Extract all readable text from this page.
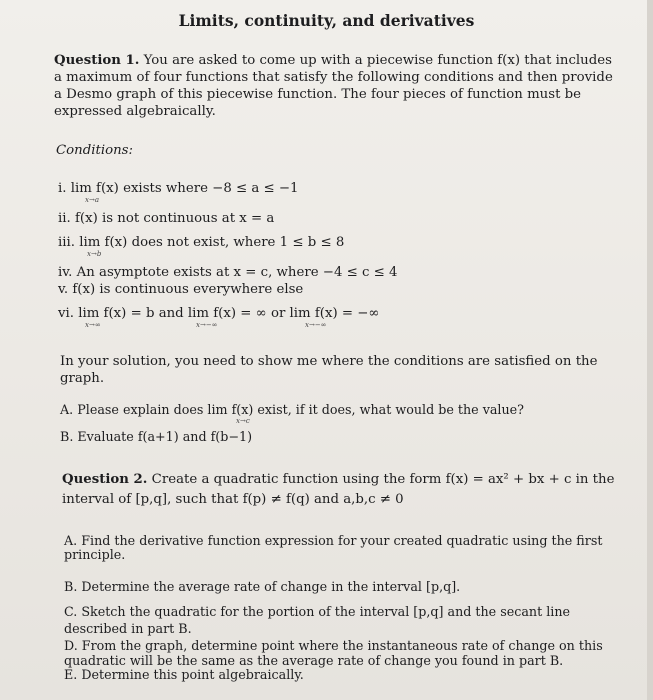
Limits, continuity, and derivatives
Question 1. You are asked to come up with a piecewise function f(x) that includes
a maximum of four functions that satisfy the following conditions and then provide
a Desmo graph of this piecewise function. The four pieces of function must be
expressed algebraically.
Conditions:
i. lim f(x) exists where −8 ≤ a ≤ −1
x→a
ii. f(x) is not continuous at x = a
iii. lim f(x) does not exist, where 1 ≤ b ≤ 8
x→b
iv. An asymptote exists at x = c, where −4 ≤ c ≤ 4
v. f(x) is continuous everywhere else
vi. lim f(x) = b and lim f(x) = ∞ or lim f(x) = −∞
x→∞	x→−∞	x→−∞
In your solution, you need to show me where the conditions are satisfied on the
graph.
A. Please explain does lim f(x) exist, if it does, what would be the value?
x→c
B. Evaluate f(a+1) and f(b−1)
Question 2. Create a quadratic function using the form f(x) = ax² + bx + c in the
interval of [p,q], such that f(p) ≠ f(q) and a,b,c ≠ 0
A. Find the derivative function expression for your created quadratic using the first
principle.
B. Determine the average rate of change in the interval [p,q].
C. Sketch the quadratic for the portion of the interval [p,q] and the secant line
described in part B.
D. From the graph, determine point where the instantaneous rate of change on this
quadratic will be the same as the average rate of change you found in part B.
E. Determine this point algebraically.
